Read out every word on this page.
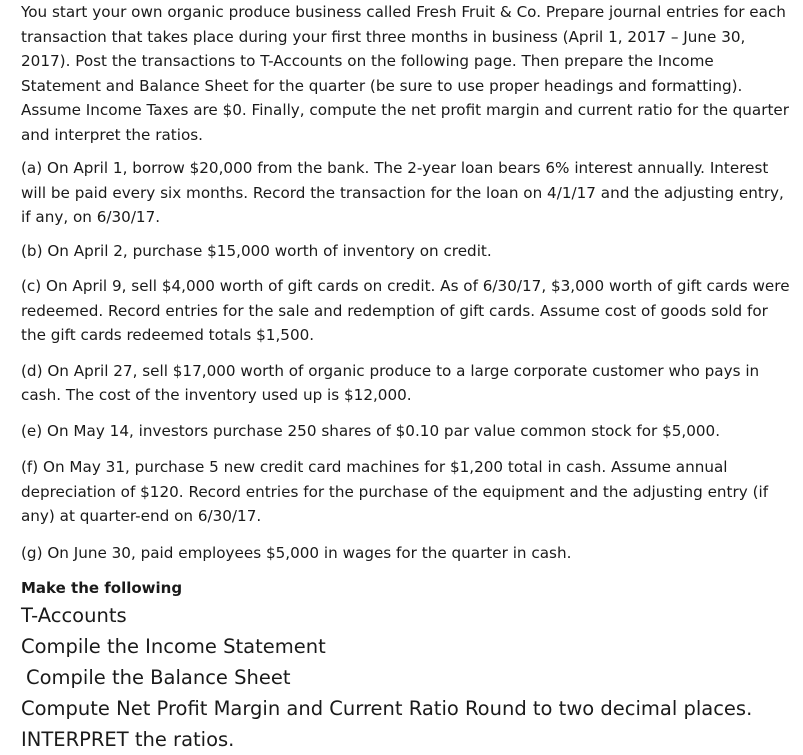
You start your own organic produce business called Fresh Fruit & Co. Prepare journal entries for each transaction that takes place during your first three months in business (April 1, 2017 – June 30, 2017). Post the transactions to T-Accounts on the following page. Then prepare the Income Statement and Balance Sheet for the quarter (be sure to use proper headings and formatting). Assume Income Taxes are $0. Finally, compute the net profit margin and current ratio for the quarter and interpret the ratios.

(a) On April 1, borrow $20,000 from the bank. The 2-year loan bears 6% interest annually. Interest will be paid every six months. Record the transaction for the loan on 4/1/17 and the adjusting entry, if any, on 6/30/17.

(b) On April 2, purchase $15,000 worth of inventory on credit.

(c) On April 9, sell $4,000 worth of gift cards on credit. As of 6/30/17, $3,000 worth of gift cards were redeemed. Record entries for the sale and redemption of gift cards. Assume cost of goods sold for the gift cards redeemed totals $1,500.

(d) On April 27, sell $17,000 worth of organic produce to a large corporate customer who pays in cash. The cost of the inventory used up is $12,000.

(e) On May 14, investors purchase 250 shares of $0.10 par value common stock for $5,000.

(f) On May 31, purchase 5 new credit card machines for $1,200 total in cash. Assume annual depreciation of $120. Record entries for the purchase of the equipment and the adjusting entry (if any) at quarter-end on 6/30/17.

(g) On June 30, paid employees $5,000 in wages for the quarter in cash.

Make the following

T-Accounts
Compile the Income Statement
Compile the Balance Sheet
Compute Net Profit Margin and Current Ratio Round to two decimal places.
INTERPRET the ratios.
